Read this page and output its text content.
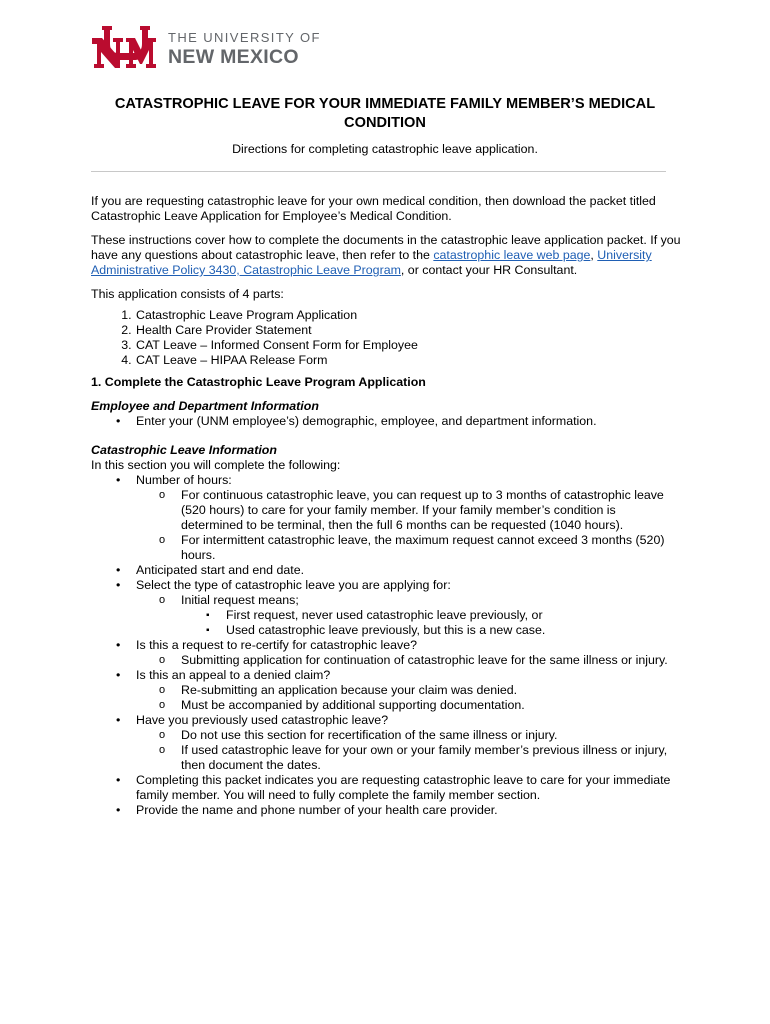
THE UNIVERSITY OF
NEW MEXICO
CATASTROPHIC LEAVE FOR YOUR IMMEDIATE FAMILY MEMBER’S MEDICAL CONDITION
Directions for completing catastrophic leave application.

If you are requesting catastrophic leave for your own medical condition, then download the packet titled Catastrophic Leave Application for Employee’s Medical Condition.

These instructions cover how to complete the documents in the catastrophic leave application packet. If you have any questions about catastrophic leave, then refer to the catastrophic leave web page, University Administrative Policy 3430, Catastrophic Leave Program, or contact your HR Consultant.

This application consists of 4 parts:

1. Catastrophic Leave Program Application
2. Health Care Provider Statement
3. CAT Leave – Informed Consent Form for Employee
4. CAT Leave – HIPAA Release Form

1. Complete the Catastrophic Leave Program Application

Employee and Department Information

• Enter your (UNM employee’s) demographic, employee, and department information.

Catastrophic Leave Information

In this section you will complete the following:

• Number of hours:
o For continuous catastrophic leave, you can request up to 3 months of catastrophic leave (520 hours) to care for your family member. If your family member’s condition is determined to be terminal, then the full 6 months can be requested (1040 hours).
o For intermittent catastrophic leave, the maximum request cannot exceed 3 months (520) hours.
• Anticipated start and end date.
• Select the type of catastrophic leave you are applying for:
o Initial request means;
▪ First request, never used catastrophic leave previously, or
▪ Used catastrophic leave previously, but this is a new case.
• Is this a request to re-certify for catastrophic leave?
o Submitting application for continuation of catastrophic leave for the same illness or injury.
• Is this an appeal to a denied claim?
o Re-submitting an application because your claim was denied.
o Must be accompanied by additional supporting documentation.
• Have you previously used catastrophic leave?
o Do not use this section for recertification of the same illness or injury.
o If used catastrophic leave for your own or your family member’s previous illness or injury, then document the dates.
• Completing this packet indicates you are requesting catastrophic leave to care for your immediate family member. You will need to fully complete the family member section.
• Provide the name and phone number of your health care provider.
